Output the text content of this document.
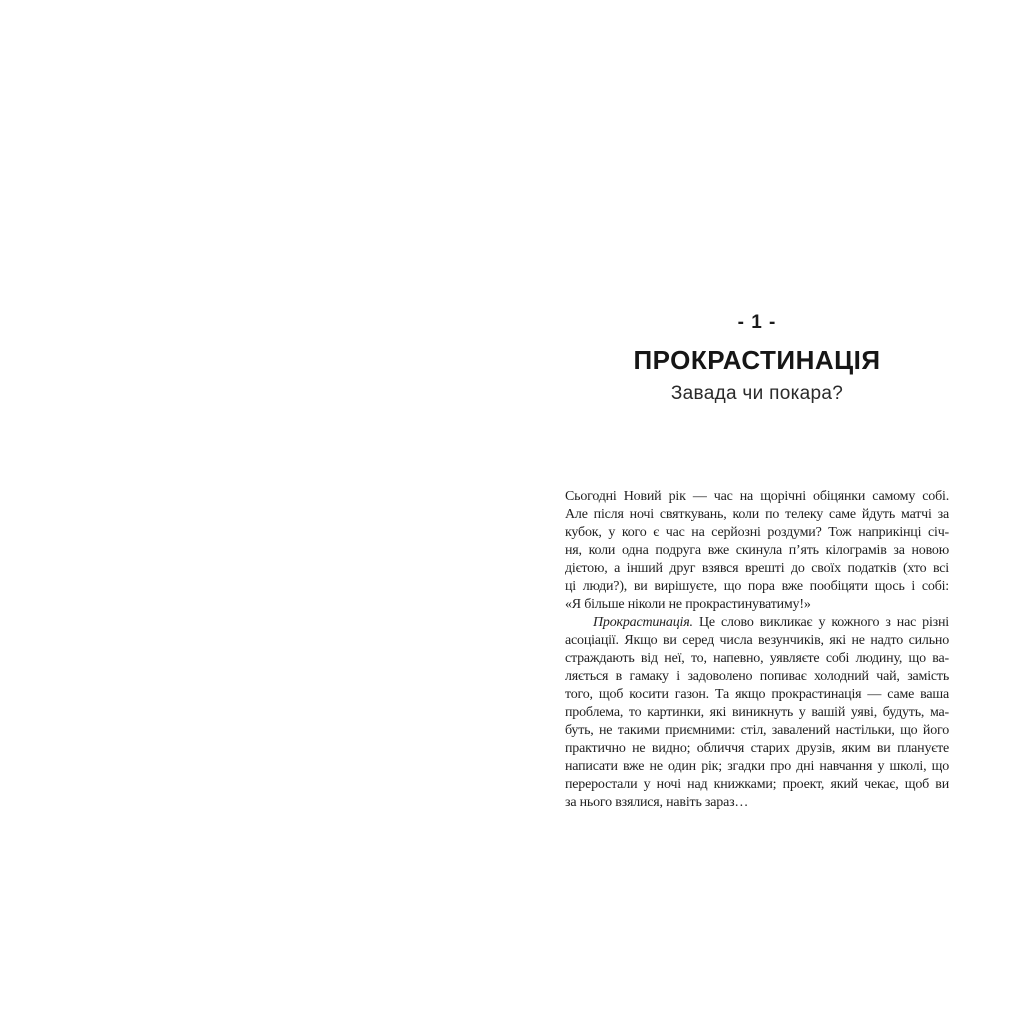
- 1 -
ПРОКРАСТИНАЦІЯ
Завада чи покара?
Сьогодні Новий рік — час на щорічні обіцянки самому собі.
Але після ночі святкувань, коли по телеку саме йдуть матчі за
кубок, у кого є час на серйозні роздуми? Тож наприкінці січ-
ня, коли одна подруга вже скинула п’ять кілограмів за новою
дієтою, а інший друг взявся врешті до своїх податків (хто всі
ці люди?), ви вирішуєте, що пора вже пообіцяти щось і собі:
«Я більше ніколи не прокрастинуватиму!»
Прокрастинація. Це слово викликає у кожного з нас різні
асоціації. Якщо ви серед числа везунчиків, які не надто сильно
страждають від неї, то, напевно, уявляєте собі людину, що ва-
ляється в гамаку і задоволено попиває холодний чай, замість
того, щоб косити газон. Та якщо прокрастинація — саме ваша
проблема, то картинки, які виникнуть у вашій уяві, будуть, ма-
буть, не такими приємними: стіл, завалений настільки, що його
практично не видно; обличчя старих друзів, яким ви плануєте
написати вже не один рік; згадки про дні навчання у школі, що
переростали у ночі над книжками; проект, який чекає, щоб ви
за нього взялися, навіть зараз…
